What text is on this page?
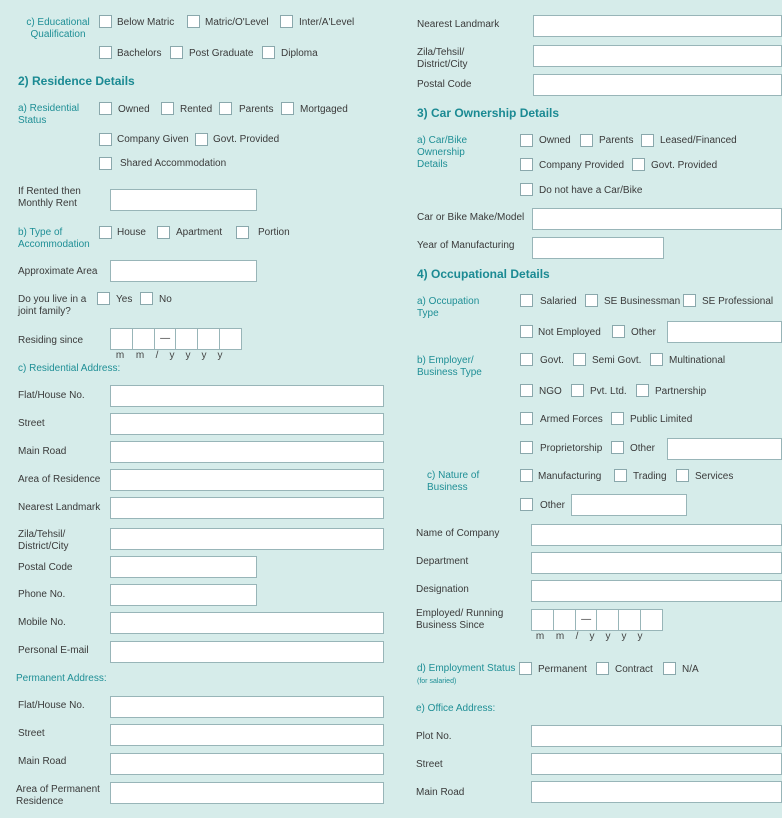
c) Educational Qualification
Below Matric	Matric/O'Level	Inter/A'Level
Bachelors	Post Graduate	Diploma
2) Residence Details
a) Residential Status
Owned	Rented	Parents	Mortgaged
Company Given Govt. Provided
Shared Accommodation
If Rented then Monthly Rent
b) Type of Accommodation
House	Apartment	Portion
Approximate Area
Do you live in a joint family?
Yes	No
Residing since	—
m m / y y y y
c) Residential Address:
Flat/House No.
Street
Main Road
Area of Residence
Nearest Landmark
Zila/Tehsil/ District/City
Postal Code
Phone No.
Mobile No.
Personal E-mail
Permanent Address:
Flat/House No.
Street
Main Road
Area of Permanent Residence
Nearest Landmark
Zila/Tehsil/ District/City
Postal Code
3) Car Ownership Details
a) Car/Bike Ownership Details
Owned	Parents	Leased/Financed
Company Provided	Govt. Provided
Do not have a Car/Bike
Car or Bike Make/Model
Year of Manufacturing
4) Occupational Details
a) Occupation Type
Salaried	SE Businessman SE Professional
Not Employed	Other
b) Employer/ Business Type
Govt.	Semi Govt.	Multinational
NGO	Pvt. Ltd.	Partnership
Armed Forces	Public Limited
Proprietorship	Other
c) Nature of Business
Manufacturing	Trading	Services
Other
Name of Company
Department
Designation
Employed/ Running Business Since
—
m m / y y y y
d) Employment Status (for salaried)
Permanent	Contract	N/A
e) Office Address:
Plot No.
Street
Main Road
